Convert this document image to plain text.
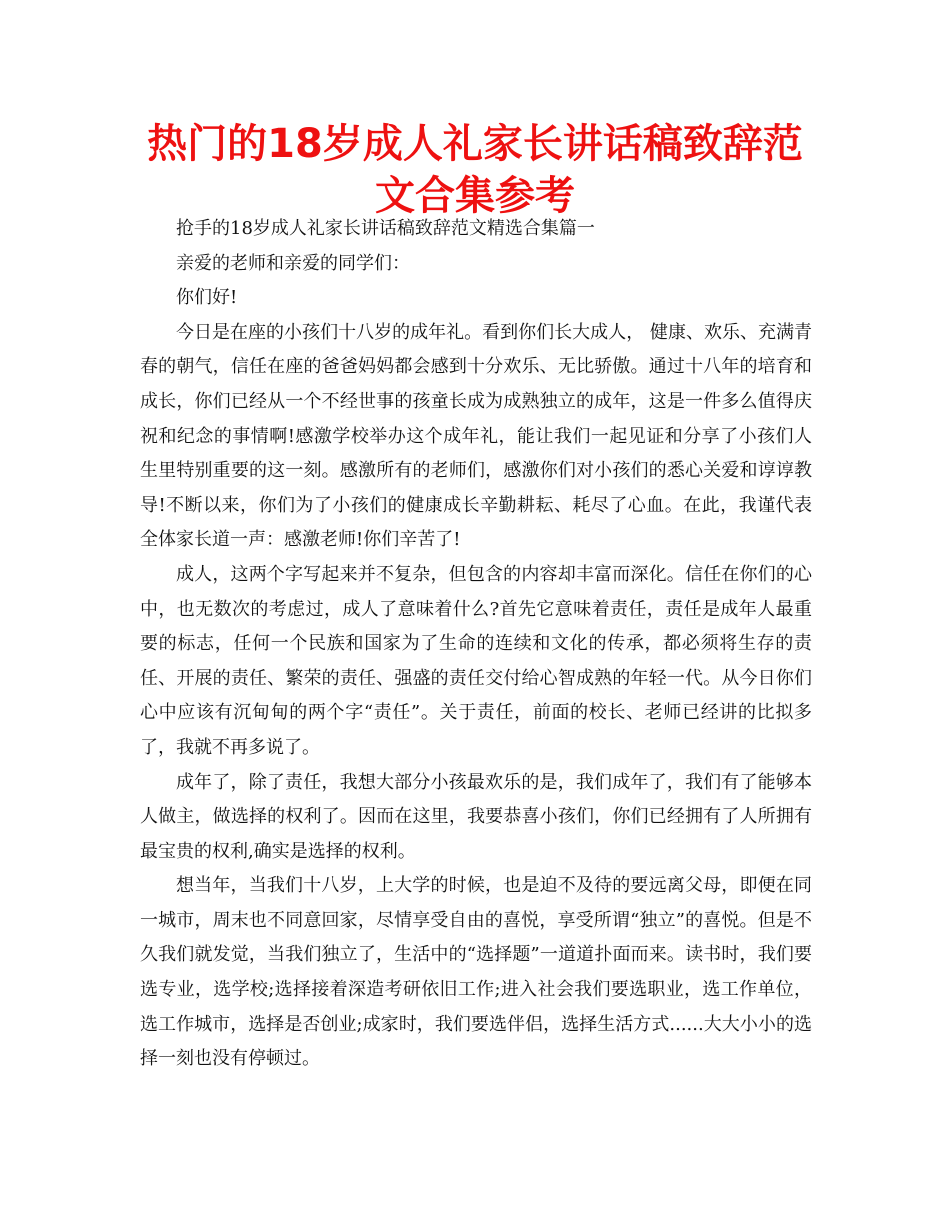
热门的18岁成人礼家长讲话稿致辞范文合集参考

抢手的18岁成人礼家长讲话稿致辞范文精选合集篇一

亲爱的老师和亲爱的同学们：

你们好!

今日是在座的小孩们十八岁的成年礼。看到你们长大成人， 健康、欢乐、充满青春的朝气，信任在座的爸爸妈妈都会感到十分欢乐、无比骄傲。通过十八年的培育和成长，你们已经从一个不经世事的孩童长成为成熟独立的成年，这是一件多么值得庆祝和纪念的事情啊!感激学校举办这个成年礼，能让我们一起见证和分享了小孩们人生里特别重要的这一刻。感激所有的老师们，感激你们对小孩们的悉心关爱和谆谆教导!不断以来，你们为了小孩们的健康成长辛勤耕耘、耗尽了心血。在此，我谨代表全体家长道一声：感激老师!你们辛苦了!

成人，这两个字写起来并不复杂，但包含的内容却丰富而深化。信任在你们的心中，也无数次的考虑过，成人了意味着什么?首先它意味着责任，责任是成年人最重要的标志，任何一个民族和国家为了生命的连续和文化的传承，都必须将生存的责任、开展的责任、繁荣的责任、强盛的责任交付给心智成熟的年轻一代。从今日你们心中应该有沉甸甸的两个字“责任”。关于责任，前面的校长、老师已经讲的比拟多了，我就不再多说了。

成年了，除了责任，我想大部分小孩最欢乐的是，我们成年了，我们有了能够本人做主，做选择的权利了。因而在这里，我要恭喜小孩们，你们已经拥有了人所拥有最宝贵的权利,确实是选择的权利。

想当年，当我们十八岁，上大学的时候，也是迫不及待的要远离父母，即便在同一城市，周末也不同意回家，尽情享受自由的喜悦，享受所谓“独立”的喜悦。但是不久我们就发觉，当我们独立了，生活中的“选择题”一道道扑面而来。读书时，我们要选专业，选学校;选择接着深造考研依旧工作;进入社会我们要选职业，选工作单位，选工作城市，选择是否创业;成家时，我们要选伴侣，选择生活方式......大大小小的选择一刻也没有停顿过。
